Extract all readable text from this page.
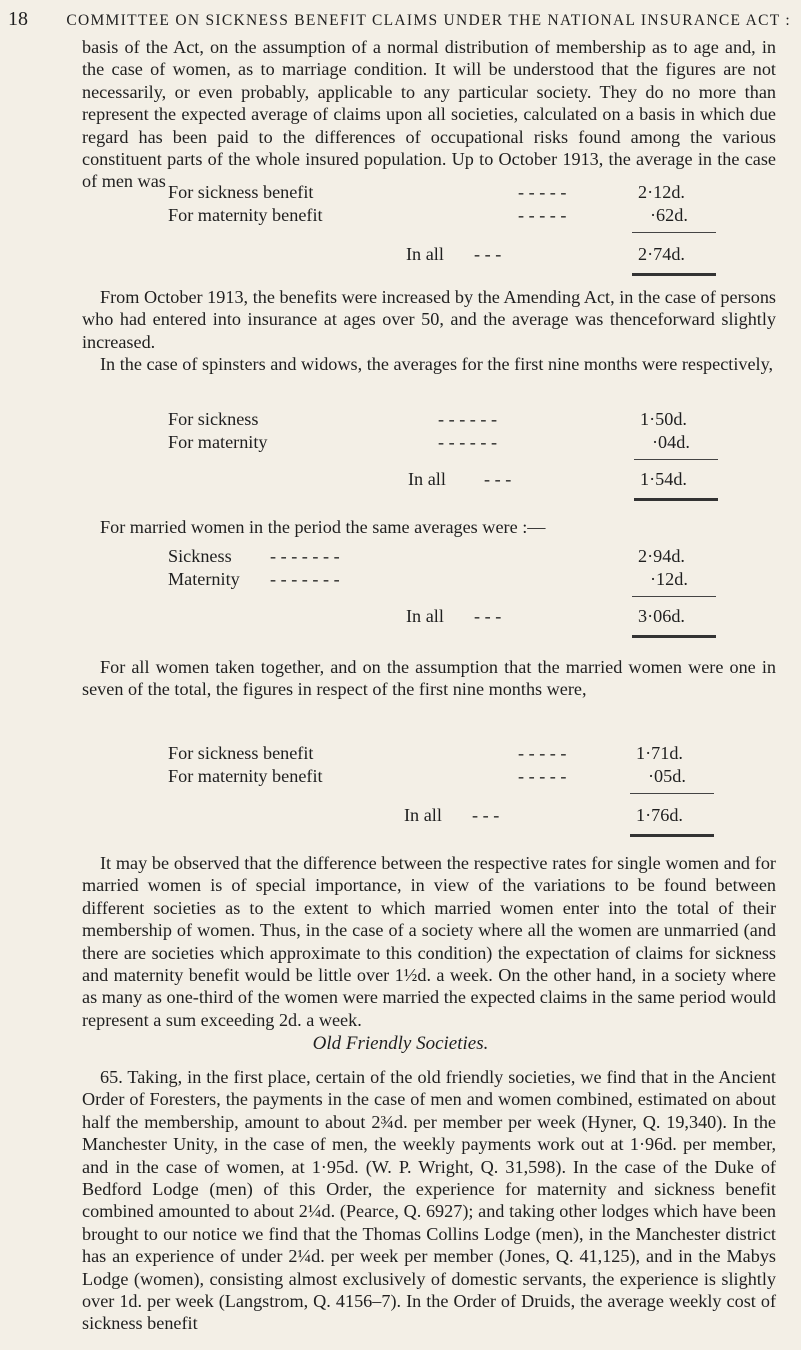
18	COMMITTEE ON SICKNESS BENEFIT CLAIMS UNDER THE NATIONAL INSURANCE ACT :
basis of the Act, on the assumption of a normal distribution of membership as to age and, in the case of women, as to marriage condition. It will be understood that the figures are not necessarily, or even probably, applicable to any particular society. They do no more than represent the expected average of claims upon all societies, calculated on a basis in which due regard has been paid to the differences of occupational risks found among the various constituent parts of the whole insured population. Up to October 1913, the average in the case of men was
For sickness benefit	- - - - -	2·12d.
For maternity benefit	- - - - -	·62d.
In all - - -	2·74d.
From October 1913, the benefits were increased by the Amending Act, in the case of persons who had entered into insurance at ages over 50, and the average was thenceforward slightly increased.
In the case of spinsters and widows, the averages for the first nine months were respectively,
For sickness	- - - - - -	1·50d.
For maternity	- - - - - -	·04d.
In all - - -	1·54d.
For married women in the period the same averages were :—
Sickness - - - - - - -	2·94d.
Maternity - - - - - - -	·12d.
In all - - -	3·06d.
For all women taken together, and on the assumption that the married women were one in seven of the total, the figures in respect of the first nine months were,
For sickness benefit	- - - - -	1·71d.
For maternity benefit	- - - - -	·05d.
In all - - -	1·76d.
It may be observed that the difference between the respective rates for single women and for married women is of special importance, in view of the variations to be found between different societies as to the extent to which married women enter into the total of their membership of women. Thus, in the case of a society where all the women are unmarried (and there are societies which approximate to this condition) the expectation of claims for sickness and maternity benefit would be little over 1½d. a week. On the other hand, in a society where as many as one-third of the women were married the expected claims in the same period would represent a sum exceeding 2d. a week.
Old Friendly Societies.
65. Taking, in the first place, certain of the old friendly societies, we find that in the Ancient Order of Foresters, the payments in the case of men and women combined, estimated on about half the membership, amount to about 2¾d. per member per week (Hyner, Q. 19,340). In the Manchester Unity, in the case of men, the weekly payments work out at 1·96d. per member, and in the case of women, at 1·95d. (W. P. Wright, Q. 31,598). In the case of the Duke of Bedford Lodge (men) of this Order, the experience for maternity and sickness benefit combined amounted to about 2¼d. (Pearce, Q. 6927); and taking other lodges which have been brought to our notice we find that the Thomas Collins Lodge (men), in the Manchester district has an experience of under 2¼d. per week per member (Jones, Q. 41,125), and in the Mabys Lodge (women), consisting almost exclusively of domestic servants, the experience is slightly over 1d. per week (Langstrom, Q. 4156–7). In the Order of Druids, the average weekly cost of sickness benefit
